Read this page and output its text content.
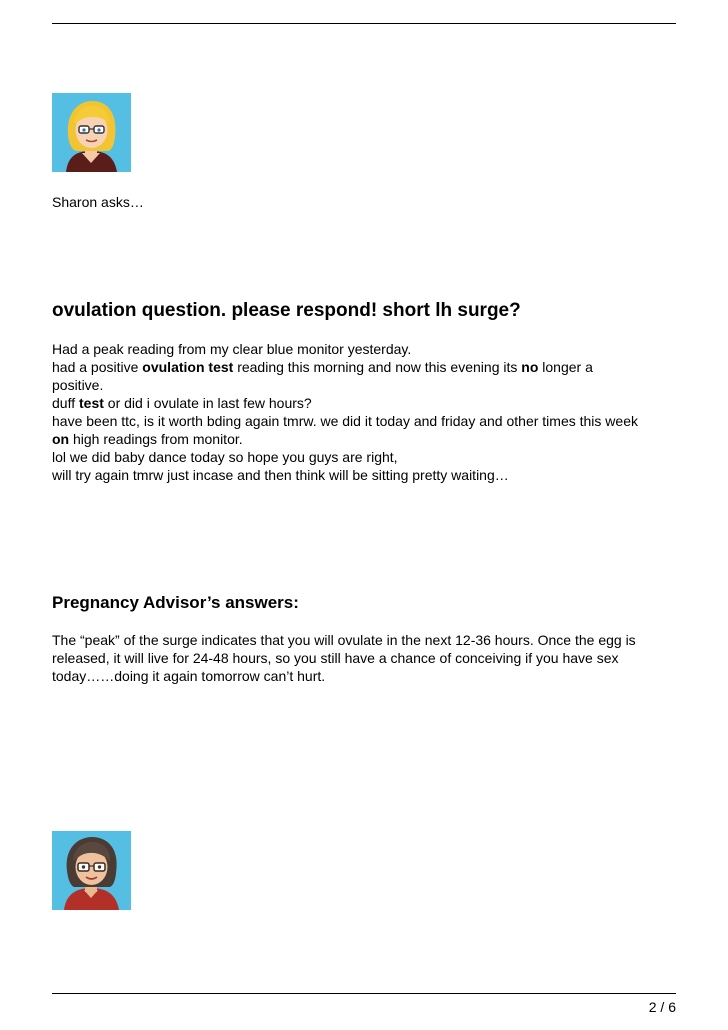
Sharon asks…

ovulation question. please respond! short lh surge?
Had a peak reading from my clear blue monitor yesterday.
had a positive ovulation test reading this morning and now this evening its no longer a
positive.
duff test or did i ovulate in last few hours?
have been ttc, is it worth bding again tmrw. we did it today and friday and other times this week
on high readings from monitor.
lol we did baby dance today so hope you guys are right,
will try again tmrw just incase and then think will be sitting pretty waiting…
Pregnancy Advisor’s answers:
The “peak” of the surge indicates that you will ovulate in the next 12-36 hours. Once the egg is
released, it will live for 24-48 hours, so you still have a chance of conceiving if you have sex
today……doing it again tomorrow can’t hurt.
2 / 6
